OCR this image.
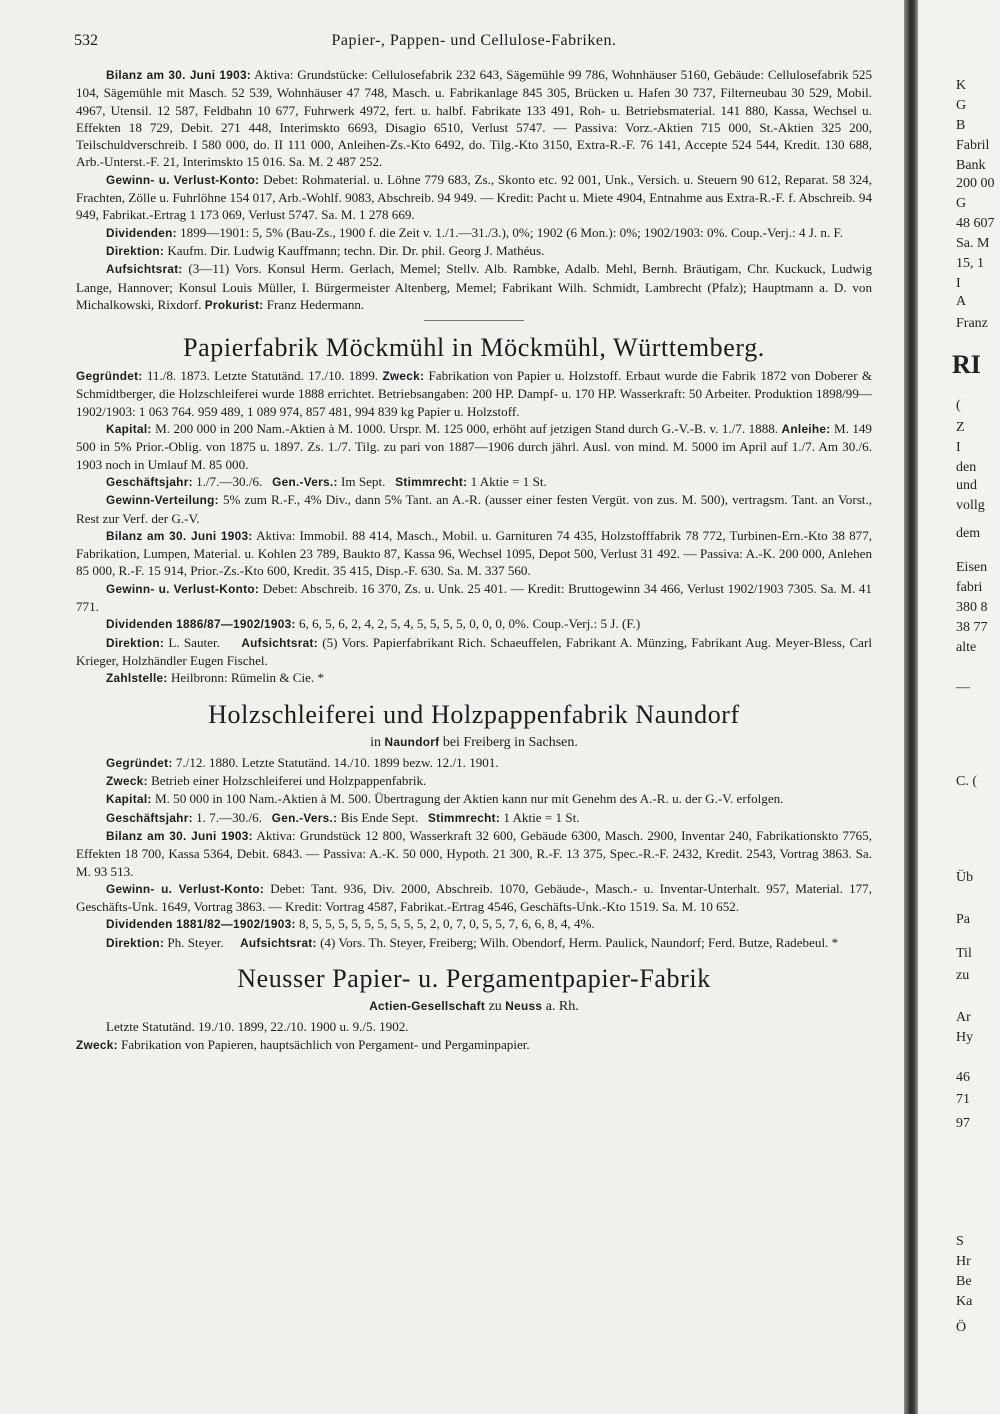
532	Papier-, Pappen- und Cellulose-Fabriken.

Bilanz am 30. Juni 1903: Aktiva: Grundstücke: Cellulosefabrik 232 643, Sägemühle 99 786, Wohnhäuser 5160, Gebäude: Cellulosefabrik 525 104, Sägemühle mit Masch. 52 539, Wohnhäuser 47 748, Masch. u. Fabrikanlage 845 305, Brücken u. Hafen 30 737, Filterneubau 30 529, Mobil. 4967, Utensil. 12 587, Feldbahn 10 677, Fuhrwerk 4972, fert. u. halbf. Fabrikate 133 491, Roh- u. Betriebsmaterial. 141 880, Kassa, Wechsel u. Effekten 18 729, Debit. 271 448, Interimskto 6693, Disagio 6510, Verlust 5747. — Passiva: Vorz.-Aktien 715 000, St.-Aktien 325 200, Teilschuldverschreib. I 580 000, do. II 111 000, Anleihen-Zs.-Kto 6492, do. Tilg.-Kto 3150, Extra-R.-F. 76 141, Accepte 524 544, Kredit. 130 688, Arb.-Unterst.-F. 21, Interimskto 15 016. Sa. M. 2 487 252.

Gewinn- u. Verlust-Konto: Debet: Rohmaterial. u. Löhne 779 683, Zs., Skonto etc. 92 001, Unk., Versich. u. Steuern 90 612, Reparat. 58 324, Frachten, Zölle u. Fuhrlöhne 154 017, Arb.-Wohlf. 9083, Abschreib. 94 949. — Kredit: Pacht u. Miete 4904, Entnahme aus Extra-R.-F. f. Abschreib. 94 949, Fabrikat.-Ertrag 1 173 069, Verlust 5747. Sa. M. 1 278 669.

Dividenden: 1899—1901: 5, 5% (Bau-Zs., 1900 f. die Zeit v. 1./1.—31./3.), 0%; 1902 (6 Mon.): 0%; 1902/1903: 0%. Coup.-Verj.: 4 J. n. F.

Direktion: Kaufm. Dir. Ludwig Kauffmann; techn. Dir. Dr. phil. Georg J. Mathéus.

Aufsichtsrat: (3—11) Vors. Konsul Herm. Gerlach, Memel; Stellv. Alb. Rambke, Adalb. Mehl, Bernh. Bräutigam, Chr. Kuckuck, Ludwig Lange, Hannover; Konsul Louis Müller, I. Bürgermeister Altenberg, Memel; Fabrikant Wilh. Schmidt, Lambrecht (Pfalz); Hauptmann a. D. von Michalkowski, Rixdorf. Prokurist: Franz Hedermann.

Papierfabrik Möckmühl in Möckmühl, Württemberg.

Gegründet: 11./8. 1873. Letzte Statutänd. 17./10. 1899. Zweck: Fabrikation von Papier u. Holzstoff. Erbaut wurde die Fabrik 1872 von Doberer & Schmidtberger, die Holzschleiferei wurde 1888 errichtet. Betriebsangaben: 200 HP. Dampf- u. 170 HP. Wasserkraft: 50 Arbeiter. Produktion 1898/99—1902/1903: 1 063 764. 959 489, 1 089 974, 857 481, 994 839 kg Papier u. Holzstoff.

Kapital: M. 200 000 in 200 Nam.-Aktien à M. 1000. Urspr. M. 125 000, erhöht auf jetzigen Stand durch G.-V.-B. v. 1./7. 1888. Anleihe: M. 149 500 in 5% Prior.-Oblig. von 1875 u. 1897. Zs. 1./7. Tilg. zu pari von 1887—1906 durch jährl. Ausl. von mind. M. 5000 im April auf 1./7. Am 30./6. 1903 noch in Umlauf M. 85 000.

Geschäftsjahr: 1./7.—30./6. Gen.-Vers.: Im Sept. Stimmrecht: 1 Aktie = 1 St.

Gewinn-Verteilung: 5% zum R.-F., 4% Div., dann 5% Tant. an A.-R. (ausser einer festen Vergüt. von zus. M. 500), vertragsm. Tant. an Vorst., Rest zur Verf. der G.-V.

Bilanz am 30. Juni 1903: Aktiva: Immobil. 88 414, Masch., Mobil. u. Garnituren 74 435, Holzstofffabrik 78 772, Turbinen-Ern.-Kto 38 877, Fabrikation, Lumpen, Material. u. Kohlen 23 789, Baukto 87, Kassa 96, Wechsel 1095, Depot 500, Verlust 31 492. — Passiva: A.-K. 200 000, Anlehen 85 000, R.-F. 15 914, Prior.-Zs.-Kto 600, Kredit. 35 415, Disp.-F. 630. Sa. M. 337 560.

Gewinn- u. Verlust-Konto: Debet: Abschreib. 16 370, Zs. u. Unk. 25 401. — Kredit: Bruttogewinn 34 466, Verlust 1902/1903 7305. Sa. M. 41 771.

Dividenden 1886/87—1902/1903: 6, 6, 5, 6, 2, 4, 2, 5, 4, 5, 5, 5, 5, 0, 0, 0, 0%. Coup.-Verj.: 5 J. (F.)

Direktion: L. Sauter. Aufsichtsrat: (5) Vors. Papierfabrikant Rich. Schaeuffelen, Fabrikant A. Münzing, Fabrikant Aug. Meyer-Bless, Carl Krieger, Holzhändler Eugen Fischel.

Zahlstelle: Heilbronn: Rümelin & Cie. *

Holzschleiferei und Holzpappenfabrik Naundorf
in Naundorf bei Freiberg in Sachsen.

Gegründet: 7./12. 1880. Letzte Statutänd. 14./10. 1899 bezw. 12./1. 1901.

Zweck: Betrieb einer Holzschleiferei und Holzpappenfabrik.

Kapital: M. 50 000 in 100 Nam.-Aktien à M. 500. Übertragung der Aktien kann nur mit Genehm des A.-R. u. der G.-V. erfolgen.

Geschäftsjahr: 1. 7.—30./6. Gen.-Vers.: Bis Ende Sept. Stimmrecht: 1 Aktie = 1 St.

Bilanz am 30. Juni 1903: Aktiva: Grundstück 12 800, Wasserkraft 32 600, Gebäude 6300, Masch. 2900, Inventar 240, Fabrikationskto 7765, Effekten 18 700, Kassa 5364, Debit. 6843. — Passiva: A.-K. 50 000, Hypoth. 21 300, R.-F. 13 375, Spec.-R.-F. 2432, Kredit. 2543, Vortrag 3863. Sa. M. 93 513.

Gewinn- u. Verlust-Konto: Debet: Tant. 936, Div. 2000, Abschreib. 1070, Gebäude-, Masch.- u. Inventar-Unterhalt. 957, Material. 177, Geschäfts-Unk. 1649, Vortrag 3863. — Kredit: Vortrag 4587, Fabrikat.-Ertrag 4546, Geschäfts-Unk.-Kto 1519. Sa. M. 10 652.

Dividenden 1881/82—1902/1903: 8, 5, 5, 5, 5, 5, 5, 5, 5, 5, 2, 0, 7, 0, 5, 5, 7, 6, 6, 8, 4, 4%.

Direktion: Ph. Steyer. Aufsichtsrat: (4) Vors. Th. Steyer, Freiberg; Wilh. Obendorf, Herm. Paulick, Naundorf; Ferd. Butze, Radebeul. *

Neusser Papier- u. Pergamentpapier-Fabrik
Actien-Gesellschaft zu Neuss a. Rh.

Letzte Statutänd. 19./10. 1899, 22./10. 1900 u. 9./5. 1902.

Zweck: Fabrikation von Papieren, hauptsächlich von Pergament- und Pergaminpapier.

K
G
B
Fabril
Bank
200 00
G
48 607
Sa. M
15, 1
I
A
Franz
RI
(
Z
I
den
und
vollg
dem
Eisen
fabri
380 8
38 77
alte
—
C. (
Üb
Pa
Til
zu
Ar
Hy
46
71
97
S
Hr
Be
Ka
Ö
